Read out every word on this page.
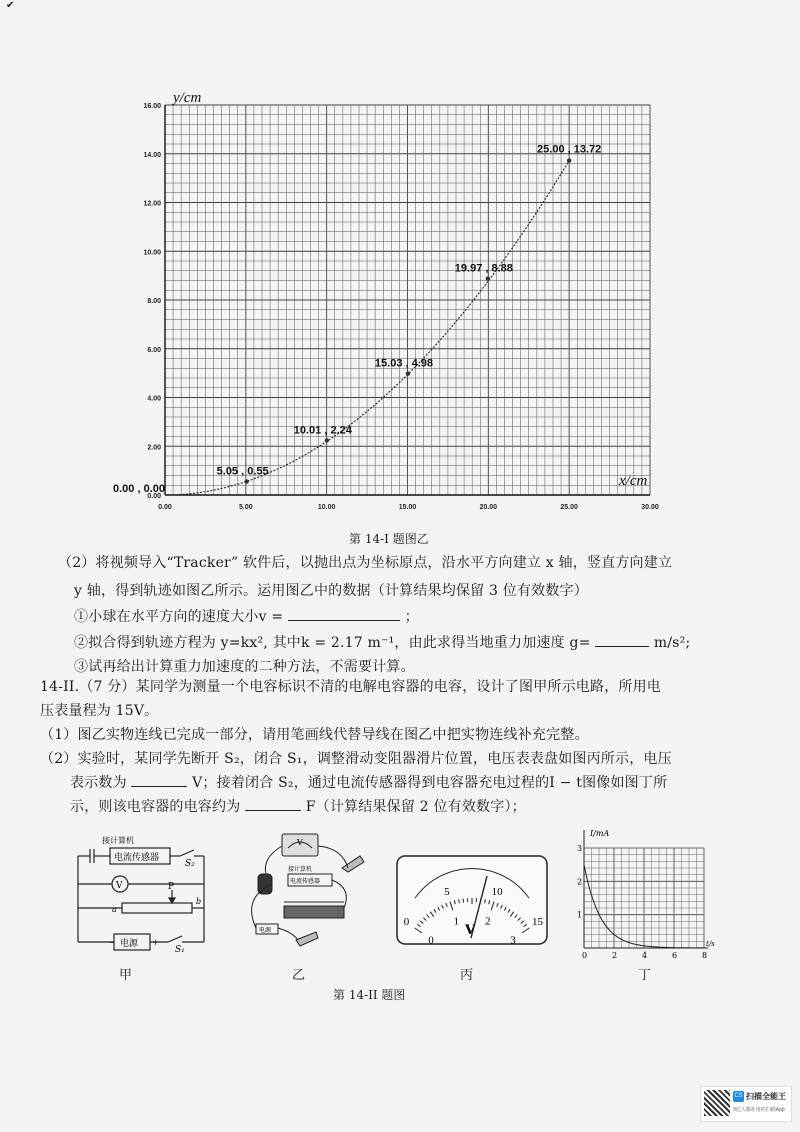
✔
0.00	5.00	10.00	15.00	20.00	25.00	30.00
0.00
2.00
4.00
6.00
8.00
10.00
12.00
14.00
16.00
0.00 , 0.00
5.05 , 0.55
10.01 , 2.24
15.03 , 4.98
19.97 , 8.88
25.00 , 13.72
y/cm
x/cm
第 14-I 题图乙
（2）将视频导入“Tracker” 软件后，以抛出点为坐标原点，沿水平方向建立 x 轴，竖直方向建立
y 轴，得到轨迹如图乙所示。运用图乙中的数据（计算结果均保留 3 位有效数字）
①小球在水平方向的速度大小v =	；
②拟合得到轨迹方程为 y=kx², 其中k = 2.17 m⁻¹，由此求得当地重力加速度 g=	m/s²;
③试再给出计算重力加速度的二种方法，不需要计算。
14-II.（7 分）某同学为测量一个电容标识不清的电解电容器的电容，设计了图甲所示电路，所用电
压表量程为 15V。
（1）图乙实物连线已完成一部分，请用笔画线代替导线在图乙中把实物连线补充完整。
（2）实验时，某同学先断开 S₂，闭合 S₁，调整滑动变阻器滑片位置，电压表表盘如图丙所示，电压
表示数为	V；接着闭合 S₂，通过电流传感器得到电容器充电过程的I − t图像如图丁所
示，则该电容器的电容约为	F（计算结果保留 2 位有效数字）；
接计算机
电流传感器
S₂
V	P
a
b
− 电源 +
S₁
接计算机
电流传感器
电源
V
0
5	10
15
0
1 2
3
V
I/mA
t/s
1
2
3
0	2	4	6	8
甲	乙	丙	丁
第 14-II 题图
CS 扫描全能王
3亿人都在用的扫描App
